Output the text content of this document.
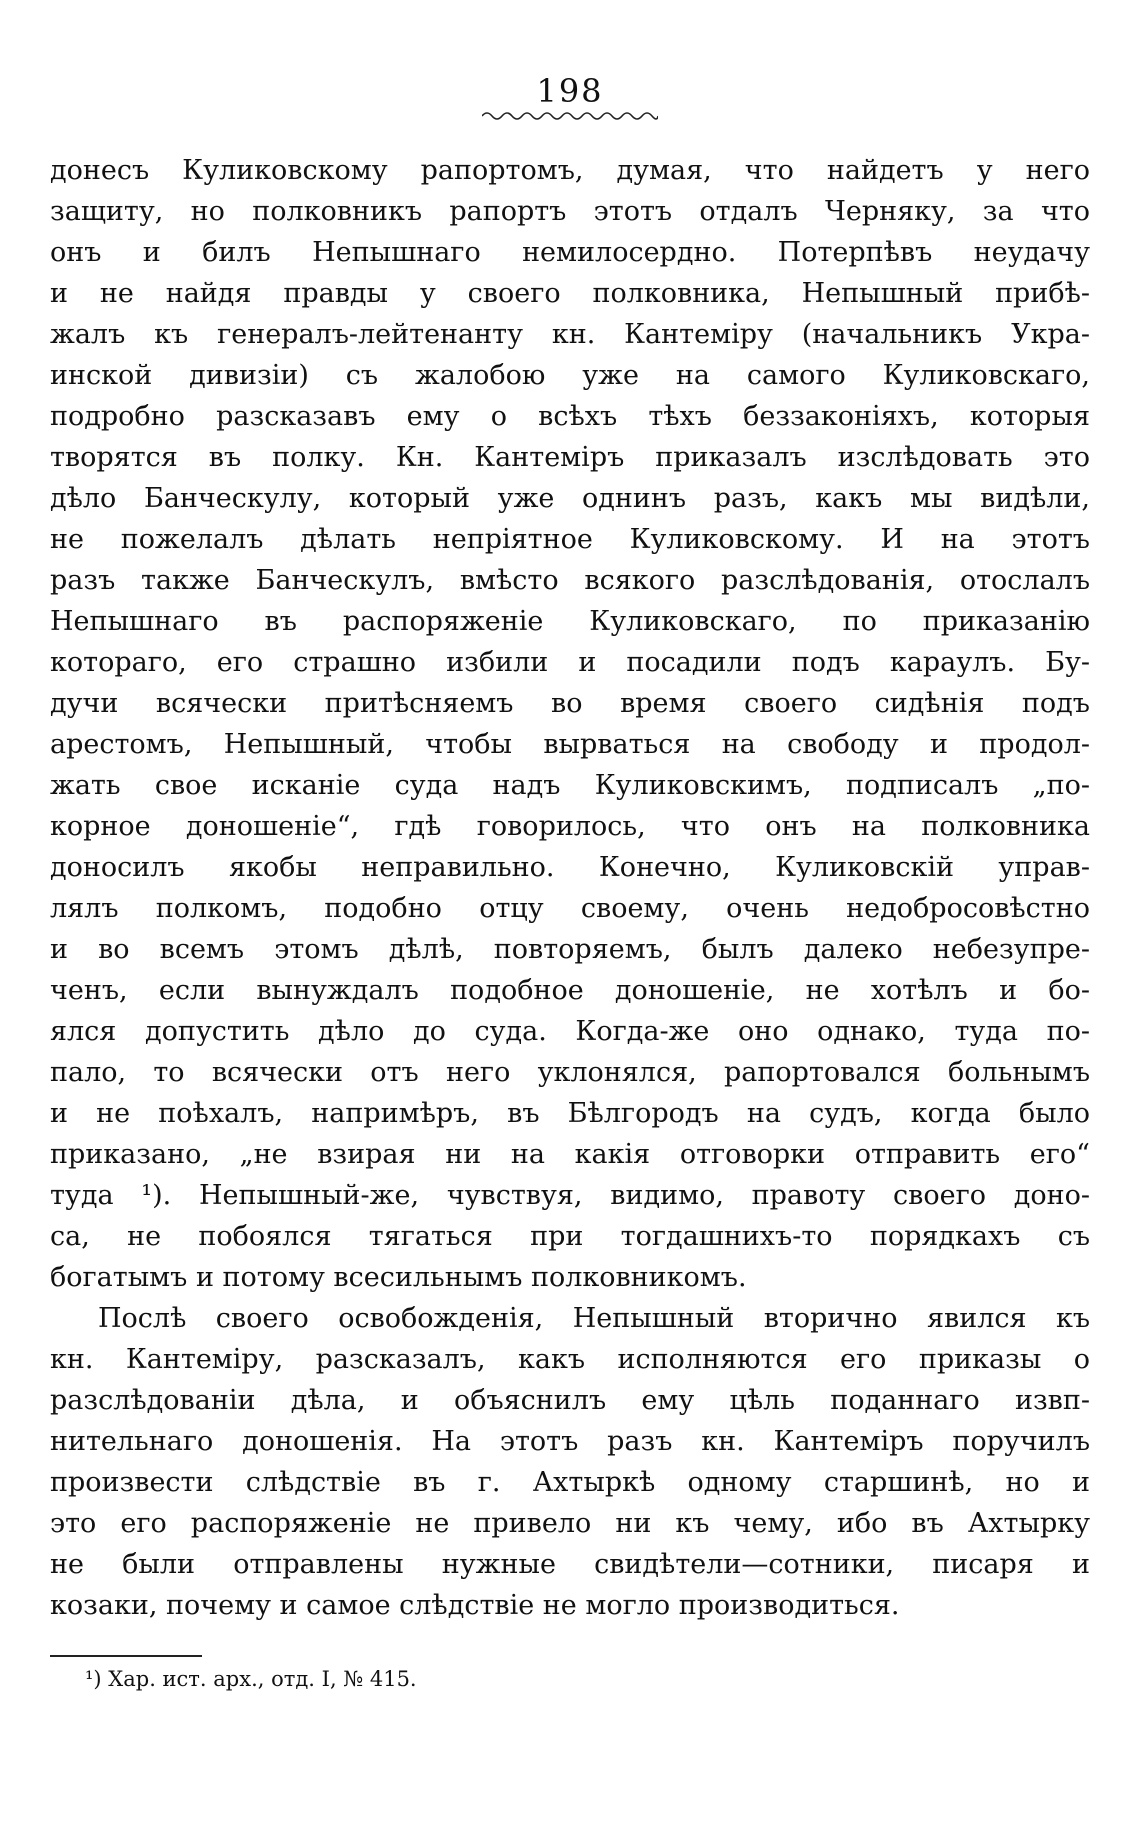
198
донесъ Куликовскому рапортомъ, думая, что найдетъ у него
защиту, но полковникъ рапортъ этотъ отдалъ Черняку, за что
онъ и билъ Непышнаго немилосердно. Потерпѣвъ неудачу
и не найдя правды у своего полковника, Непышный прибѣ-
жалъ къ генералъ-лейтенанту кн. Кантеміру (начальникъ Укра-
инской дивизіи) съ жалобою уже на самого Куликовскаго,
подробно разсказавъ ему о всѣхъ тѣхъ беззаконіяхъ, которыя
творятся въ полку. Кн. Кантеміръ приказалъ изслѣдовать это
дѣло Банческулу, который уже однинъ разъ, какъ мы видѣли,
не пожелалъ дѣлать непріятное Куликовскому. И на этотъ
разъ также Банческулъ, вмѣсто всякого разслѣдованія, отослалъ
Непышнаго въ распоряженіе Куликовскаго, по приказанію
котораго, его страшно избили и посадили подъ караулъ. Бу-
дучи всячески притѣсняемъ во время своего сидѣнія подъ
арестомъ, Непышный, чтобы вырваться на свободу и продол-
жать свое исканіе суда надъ Куликовскимъ, подписалъ „по-
корное доношеніе“, гдѣ говорилось, что онъ на полковника
доносилъ якобы неправильно. Конечно, Куликовскій управ-
лялъ полкомъ, подобно отцу своему, очень недобросовѣстно
и во всемъ этомъ дѣлѣ, повторяемъ, былъ далеко небезупре-
ченъ, если вынуждалъ подобное доношеніе, не хотѣлъ и бо-
ялся допустить дѣло до суда. Когда-же оно однако, туда по-
пало, то всячески отъ него уклонялся, рапортовался больнымъ
и не поѣхалъ, напримѣръ, въ Бѣлгородъ на судъ, когда было
приказано, „не взирая ни на какія отговорки отправить его“
туда ¹). Непышный-же, чувствуя, видимо, правоту своего доно-
са, не побоялся тягаться при тогдашнихъ-то порядкахъ съ
богатымъ и потому всесильнымъ полковникомъ.
Послѣ своего освобожденія, Непышный вторично явился къ
кн. Кантеміру, разсказалъ, какъ исполняются его приказы о
разслѣдованіи дѣла, и объяснилъ ему цѣль поданнаго извп-
нительнаго доношенія. На этотъ разъ кн. Кантеміръ поручилъ
произвести слѣдствіе въ г. Ахтыркѣ одному старшинѣ, но и
это его распоряженіе не привело ни къ чему, ибо въ Ахтырку
не были отправлены нужные свидѣтели—сотники, писаря и
козаки, почему и самое слѣдствіе не могло производиться.
¹) Хар. ист. арх., отд. I, № 415.
